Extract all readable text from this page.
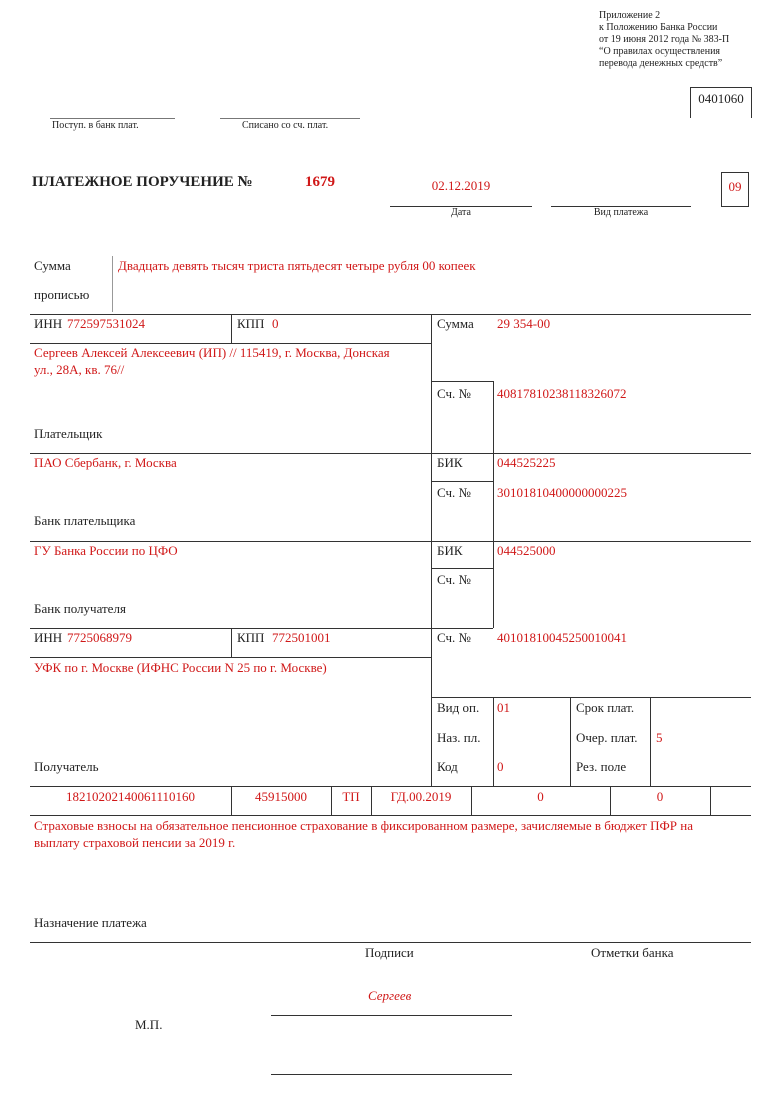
Приложение 2
к Положению Банка России
от 19 июня 2012 года № 383-П
“О правилах осуществления
перевода денежных средств”
0401060
Поступ. в банк плат.	Списано со сч. плат.
ПЛАТЕЖНОЕ ПОРУЧЕНИЕ №	1679	02.12.2019
Дата	Вид платежа
09
Сумма
прописью
Двадцать девять тысяч триста пятьдесят четыре рубля 00 копеек
ИНН 772597531024	КПП 0	Сумма 29 354-00
Сергеев Алексей Алексеевич (ИП) // 115419, г. Москва, Донская
ул., 28А, кв. 76//
Сч. № 40817810238118326072
Плательщик
ПАО Сбербанк, г. Москва	БИК	044525225
Сч. № 30101810400000000225
Банк плательщика
ГУ Банка России по ЦФО	БИК	044525000
Сч. №
Банк получателя
ИНН 7725068979	КПП 772501001	Сч. № 40101810045250010041
УФК по г. Москве (ИФНС России N 25 по г. Москве)
Получатель
Вид оп. 01	Срок плат.
Наз. пл.	Очер. плат. 5
Код	0	Рез. поле
18210202140061110160	45915000	ТП	ГД.00.2019	0	0
Страховые взносы на обязательное пенсионное страхование в фиксированном размере, зачисляемые в бюджет ПФР на
выплату страховой пенсии за 2019 г.
Назначение платежа
Подписи	Отметки банка
Сергеев
М.П.
